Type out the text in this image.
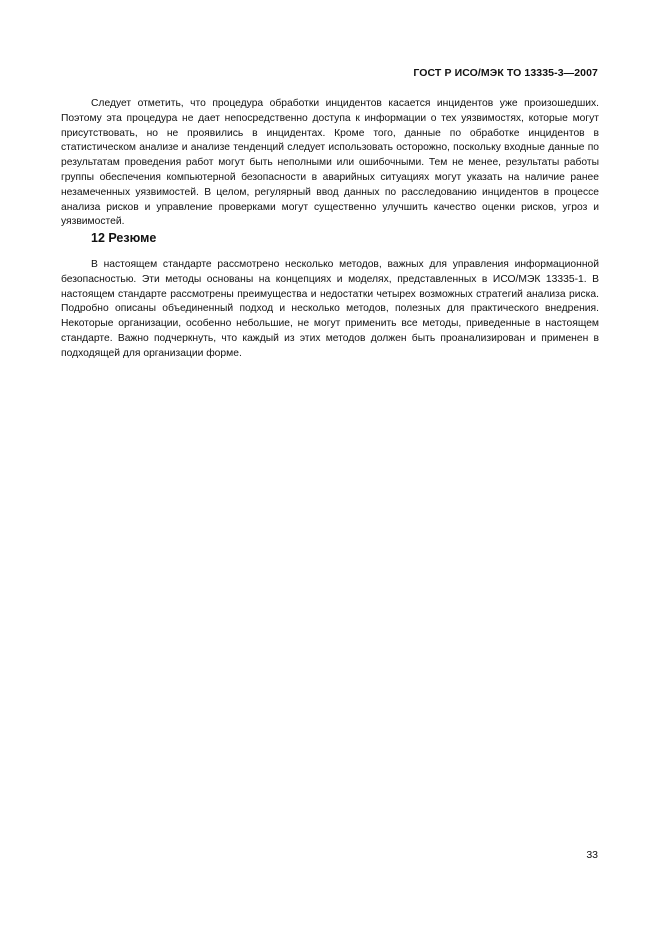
ГОСТ Р ИСО/МЭК ТО 13335-3—2007

Следует отметить, что процедура обработки инцидентов касается инцидентов уже произошедших. Поэтому эта процедура не дает непосредственно доступа к информации о тех уязвимостях, которые могут присутствовать, но не проявились в инцидентах. Кроме того, данные по обработке инцидентов в статистическом анализе и анализе тенденций следует использовать осторожно, поскольку входные данные по результатам проведения работ могут быть неполными или ошибочными. Тем не менее, результаты работы группы обеспечения компьютерной безопасности в аварийных ситуациях могут указать на наличие ранее незамеченных уязвимостей. В целом, регулярный ввод данных по расследованию инцидентов в процессе анализа рисков и управление проверками могут существенно улучшить качество оценки рисков, угроз и уязвимостей.

12 Резюме

В настоящем стандарте рассмотрено несколько методов, важных для управления информационной безопасностью. Эти методы основаны на концепциях и моделях, представленных в ИСО/МЭК 13335-1. В настоящем стандарте рассмотрены преимущества и недостатки четырех возможных стратегий анализа риска. Подробно описаны объединенный подход и несколько методов, полезных для практического внедрения. Некоторые организации, особенно небольшие, не могут применить все методы, приведенные в настоящем стандарте. Важно подчеркнуть, что каждый из этих методов должен быть проанализирован и применен в подходящей для организации форме.

33
